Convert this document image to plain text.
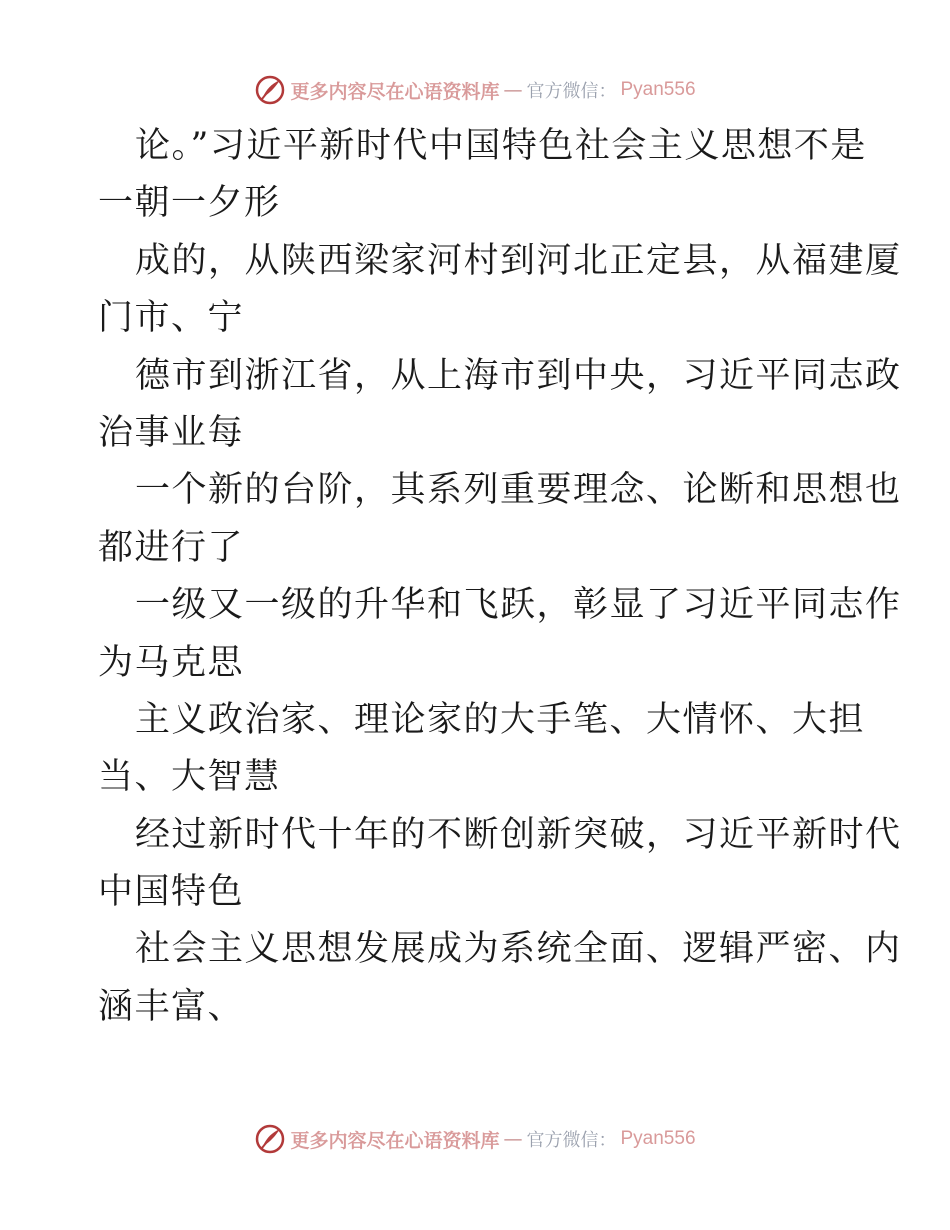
更多内容尽在心语资料库 — 官方微信： Pyan556
论。”习近平新时代中国特色社会主义思想不是
一朝一夕形
成的，从陕西梁家河村到河北正定县，从福建厦
门市、宁
德市到浙江省，从上海市到中央，习近平同志政
治事业每
一个新的台阶，其系列重要理念、论断和思想也
都进行了
一级又一级的升华和飞跃，彰显了习近平同志作
为马克思
主义政治家、理论家的大手笔、大情怀、大担
当、大智慧
经过新时代十年的不断创新突破，习近平新时代
中国特色
社会主义思想发展成为系统全面、逻辑严密、内
涵丰富、
更多内容尽在心语资料库 — 官方微信： Pyan556
